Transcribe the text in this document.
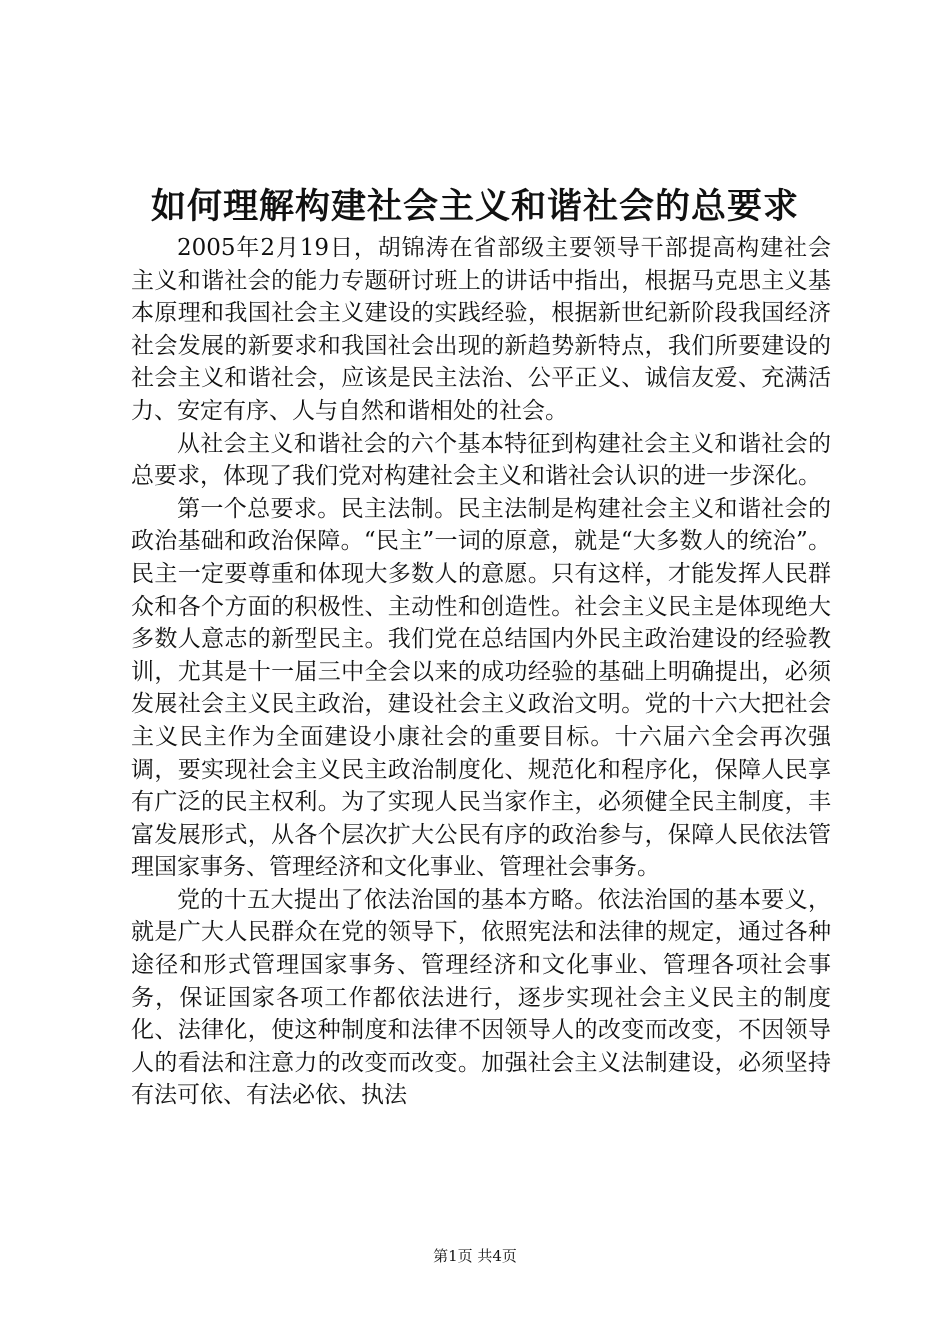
如何理解构建社会主义和谐社会的总要求

2005年2月19日，胡锦涛在省部级主要领导干部提高构建社会主义和谐社会的能力专题研讨班上的讲话中指出，根据马克思主义基本原理和我国社会主义建设的实践经验，根据新世纪新阶段我国经济社会发展的新要求和我国社会出现的新趋势新特点，我们所要建设的社会主义和谐社会，应该是民主法治、公平正义、诚信友爱、充满活力、安定有序、人与自然和谐相处的社会。

从社会主义和谐社会的六个基本特征到构建社会主义和谐社会的总要求，体现了我们党对构建社会主义和谐社会认识的进一步深化。

第一个总要求。民主法制。民主法制是构建社会主义和谐社会的政治基础和政治保障。“民主”一词的原意，就是“大多数人的统治”。民主一定要尊重和体现大多数人的意愿。只有这样，才能发挥人民群众和各个方面的积极性、主动性和创造性。社会主义民主是体现绝大多数人意志的新型民主。我们党在总结国内外民主政治建设的经验教训，尤其是十一届三中全会以来的成功经验的基础上明确提出，必须发展社会主义民主政治，建设社会主义政治文明。党的十六大把社会主义民主作为全面建设小康社会的重要目标。十六届六全会再次强调，要实现社会主义民主政治制度化、规范化和程序化，保障人民享有广泛的民主权利。为了实现人民当家作主，必须健全民主制度，丰富发展形式，从各个层次扩大公民有序的政治参与，保障人民依法管理国家事务、管理经济和文化事业、管理社会事务。

党的十五大提出了依法治国的基本方略。依法治国的基本要义，就是广大人民群众在党的领导下，依照宪法和法律的规定，通过各种途径和形式管理国家事务、管理经济和文化事业、管理各项社会事务，保证国家各项工作都依法进行，逐步实现社会主义民主的制度化、法律化，使这种制度和法律不因领导人的改变而改变，不因领导人的看法和注意力的改变而改变。加强社会主义法制建设，必须坚持有法可依、有法必依、执法

第1页 共4页
